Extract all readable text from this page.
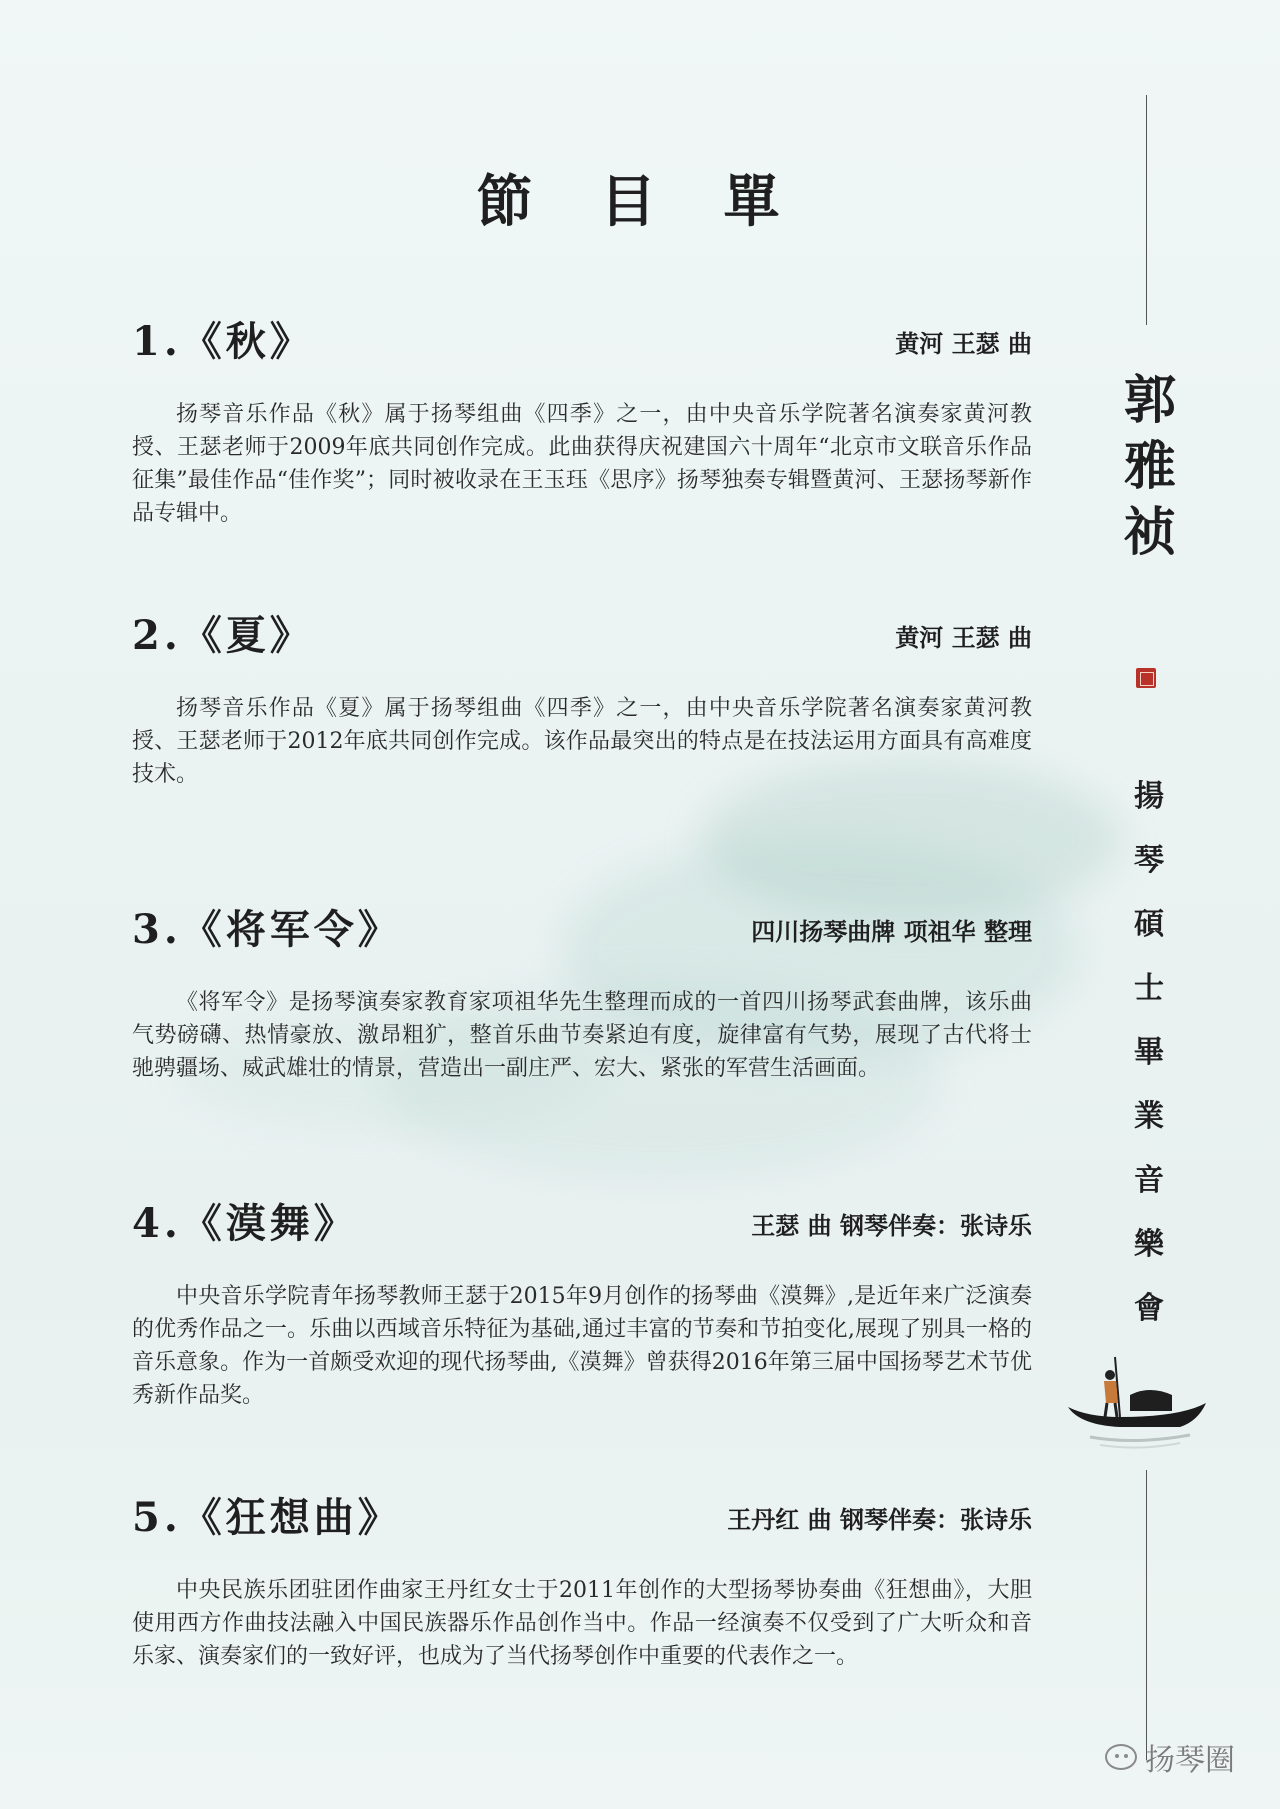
節 目 單
1.《秋》	黄河 王瑟 曲

扬琴音乐作品《秋》属于扬琴组曲《四季》之一，由中央音乐学院著名演奏家黄河教授、王瑟老师于2009年底共同创作完成。此曲获得庆祝建国六十周年“北京市文联音乐作品征集”最佳作品“佳作奖”；同时被收录在王玉珏《思序》扬琴独奏专辑暨黄河、王瑟扬琴新作品专辑中。

2.《夏》	黄河 王瑟 曲

扬琴音乐作品《夏》属于扬琴组曲《四季》之一，由中央音乐学院著名演奏家黄河教授、王瑟老师于2012年底共同创作完成。该作品最突出的特点是在技法运用方面具有高难度技术。

3.《将军令》	四川扬琴曲牌 项祖华 整理

《将军令》是扬琴演奏家教育家项祖华先生整理而成的一首四川扬琴武套曲牌，该乐曲气势磅礴、热情豪放、激昂粗犷，整首乐曲节奏紧迫有度，旋律富有气势，展现了古代将士驰骋疆场、威武雄壮的情景，营造出一副庄严、宏大、紧张的军营生活画面。

4.《漠舞》	王瑟 曲 钢琴伴奏：张诗乐

中央音乐学院青年扬琴教师王瑟于2015年9月创作的扬琴曲《漠舞》,是近年来广泛演奏的优秀作品之一。乐曲以西域音乐特征为基础,通过丰富的节奏和节拍变化,展现了别具一格的音乐意象。作为一首颇受欢迎的现代扬琴曲,《漠舞》曾获得2016年第三届中国扬琴艺术节优秀新作品奖。

5.《狂想曲》	王丹红 曲 钢琴伴奏：张诗乐

中央民族乐团驻团作曲家王丹红女士于2011年创作的大型扬琴协奏曲《狂想曲》，大胆使用西方作曲技法融入中国民族器乐作品创作当中。作品一经演奏不仅受到了广大听众和音乐家、演奏家们的一致好评，也成为了当代扬琴创作中重要的代表作之一。

郭
雅
祯
揚
琴
碩
士
畢
業
音
樂
會
扬琴圈
